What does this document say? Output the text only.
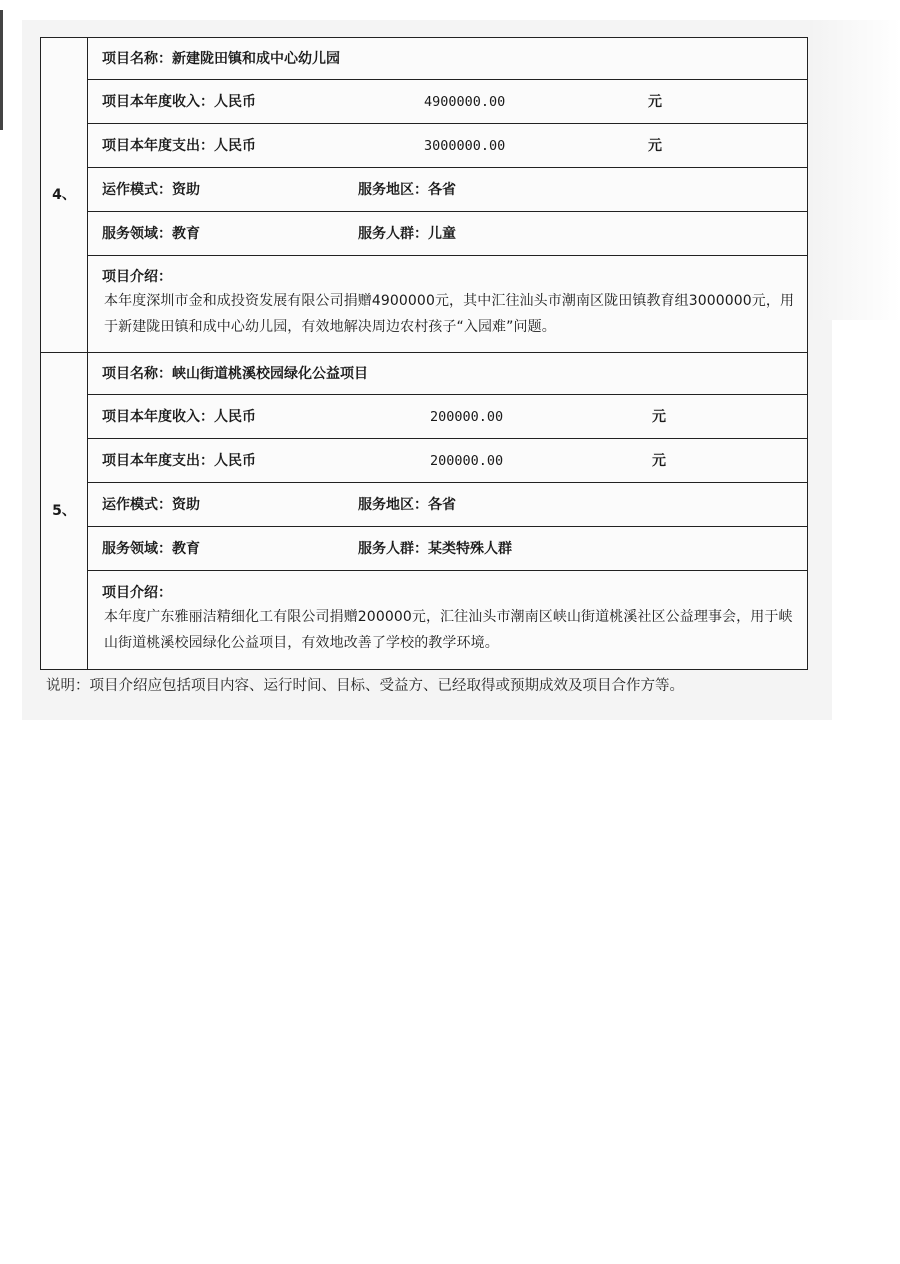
4、	项目名称：新建陇田镇和成中心幼儿园

	项目本年度收入：人民币 4900000.00 元

	项目本年度支出：人民币 3000000.00 元

	运作模式：资助 服务地区：各省
	服务领域：教育 服务人群：儿童

	项目介绍：
本年度深圳市金和成投资发展有限公司捐赠4900000元，其中汇往汕头市潮南区陇田镇教育组3000000元，用于新建陇田镇和成中心幼儿园，有效地解决周边农村孩子“入园难”问题。

5、	项目名称：峡山街道桃溪校园绿化公益项目

	项目本年度收入：人民币 200000.00 元

	项目本年度支出：人民币 200000.00 元

	运作模式：资助 服务地区：各省
	服务领域：教育 服务人群：某类特殊人群

	项目介绍：
本年度广东雅丽洁精细化工有限公司捐赠200000元，汇往汕头市潮南区峡山街道桃溪社区公益理事会，用于峡山街道桃溪校园绿化公益项目，有效地改善了学校的教学环境。
说明：项目介绍应包括项目内容、运行时间、目标、受益方、已经取得或预期成效及项目合作方等。
